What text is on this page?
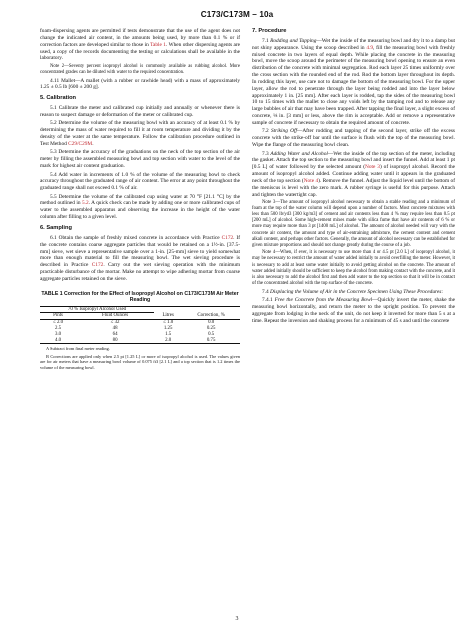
C173/C173M – 10a

foam-dispersing agents are permitted if tests demonstrate that the use of the agent does not change the indicated air content, in the amounts being used, by more than 0.1 % or if correction factors are developed similar to those in Table 1. When other dispersing agents are used, a copy of the records documenting the testing or calculations shall be available in the laboratory.

Note 2—Seventy percent isopropyl alcohol is commonly available as rubbing alcohol. More concentrated grades can be diluted with water to the required concentration.

4.11 Mallet—A mallet (with a rubber or rawhide head) with a mass of approximately 1.25 ± 0.5 lb [600 ± 200 g].

5. Calibration

5.1 Calibrate the meter and calibrated cup initially and annually or whenever there is reason to suspect damage or deformation of the meter or calibrated cup.

5.2 Determine the volume of the measuring bowl with an accuracy of at least 0.1 % by determining the mass of water required to fill it at room temperature and dividing it by the density of the water at the same temperature. Follow the calibration procedure outlined in Test Method C29/C29M.

5.3 Determine the accuracy of the graduations on the neck of the top section of the air meter by filling the assembled measuring bowl and top section with water to the level of the mark for highest air content graduation.

5.4 Add water in increments of 1.0 % of the volume of the measuring bowl to check accuracy throughout the graduated range of air content. The error at any point throughout the graduated range shall not exceed 0.1 % of air.

5.5 Determine the volume of the calibrated cup using water at 70 °F [21.1 °C] by the method outlined in 5.2. A quick check can be made by adding one or more calibrated cups of water to the assembled apparatus and observing the increase in the height of the water column after filling to a given level.

6. Sampling

6.1 Obtain the sample of freshly mixed concrete in accordance with Practice C172. If the concrete contains coarse aggregate particles that would be retained on a 1½-in. [37.5-mm] sieve, wet sieve a representative sample over a 1-in. [25-mm] sieve to yield somewhat more than enough material to fill the measuring bowl. The wet sieving procedure is described in Practice C172. Carry out the wet sieving operation with the minimum practicable disturbance of the mortar. Make no attempt to wipe adhering mortar from coarse aggregate particles retained on the sieve.

TABLE 1 Correction for the Effect of Isopropyl Alcohol on C173/C173M Air Meter Reading
70 % Isopropyl Alcohol Used			
Pints	Fluid Ounces	Litres	Correction, %
≤ 2.0	≤ 32	≤ 1.0	0.0
2.5	48	1.25	0.25
3.0	64	1.5	0.5
4.0	80	2.0	0.75

A Subtract from final meter reading.

B Corrections are applied only when 2.5 pt [1.25 L] or more of isopropyl alcohol is used. The values given are for air meters that have a measuring bowl volume of 0.075 ft3 [2.1 L] and a top section that is 1.2 times the volume of the measuring bowl.

7. Procedure

7.1 Rodding and Tapping—Wet the inside of the measuring bowl and dry it to a damp but not shiny appearance. Using the scoop described in 4.9, fill the measuring bowl with freshly mixed concrete in two layers of equal depth. While placing the concrete in the measuring bowl, move the scoop around the perimeter of the measuring bowl opening to ensure an even distribution of the concrete with minimal segregation. Rod each layer 25 times uniformly over the cross section with the rounded end of the rod. Rod the bottom layer throughout its depth. In rodding this layer, use care not to damage the bottom of the measuring bowl. For the upper layer, allow the rod to penetrate through the layer being rodded and into the layer below approximately 1 in. [25 mm]. After each layer is rodded, tap the sides of the measuring bowl 10 to 15 times with the mallet to close any voids left by the tamping rod and to release any large bubbles of air that may have been trapped. After tapping the final layer, a slight excess of concrete, ⅛ in. [3 mm] or less, above the rim is acceptable. Add or remove a representative sample of concrete if necessary to obtain the required amount of concrete.

7.2 Striking Off—After rodding and tapping of the second layer, strike off the excess concrete with the strike-off bar until the surface is flush with the top of the measuring bowl. Wipe the flange of the measuring bowl clean.

7.3 Adding Water and Alcohol—Wet the inside of the top section of the meter, including the gasket. Attach the top section to the measuring bowl and insert the funnel. Add at least 1 pt [0.5 L] of water followed by the selected amount (Note 3) of isopropyl alcohol. Record the amount of isopropyl alcohol added. Continue adding water until it appears in the graduated neck of the top section (Note 4). Remove the funnel. Adjust the liquid level until the bottom of the meniscus is level with the zero mark. A rubber syringe is useful for this purpose. Attach and tighten the watertight cap.

Note 3—The amount of isopropyl alcohol necessary to obtain a stable reading and a minimum of foam at the top of the water column will depend upon a number of factors. Most concrete mixtures with less than 500 lb/yd3 [300 kg/m3] of cement and air contents less than 4 % may require less than 0.5 pt [200 mL] of alcohol. Some high-cement mixes made with silica fume that have air contents of 6 % or more may require more than 3 pt [1400 mL] of alcohol. The amount of alcohol needed will vary with the concrete air content, the amount and type of air-entraining admixture, the cement content and cement alkali content, and perhaps other factors. Generally, the amount of alcohol necessary can be established for given mixture proportions and should not change greatly during the course of a job.

Note 4—When, if ever, it is necessary to use more than 4 or 4.5 pt [2.0 L] of isopropyl alcohol, it may be necessary to restrict the amount of water added initially to avoid overfilling the meter. However, it is necessary to add at least some water initially to avoid getting alcohol on the concrete. The amount of water added initially should be sufficient to keep the alcohol from making contact with the concrete, and it is also necessary to add the alcohol first and then add water to the top section so that it will be in contact of the concentrated alcohol with the top surface of the concrete.

7.4 Displacing the Volume of Air in the Concrete Specimen Using These Procedures:

7.4.1 Free the Concrete from the Measuring Bowl—Quickly invert the meter, shake the measuring bowl horizontally, and return the meter to the upright position. To prevent the aggregate from lodging in the neck of the unit, do not keep it inverted for more than 5 s at a time. Repeat the inversion and shaking process for a minimum of 45 s and until the concrete

3
